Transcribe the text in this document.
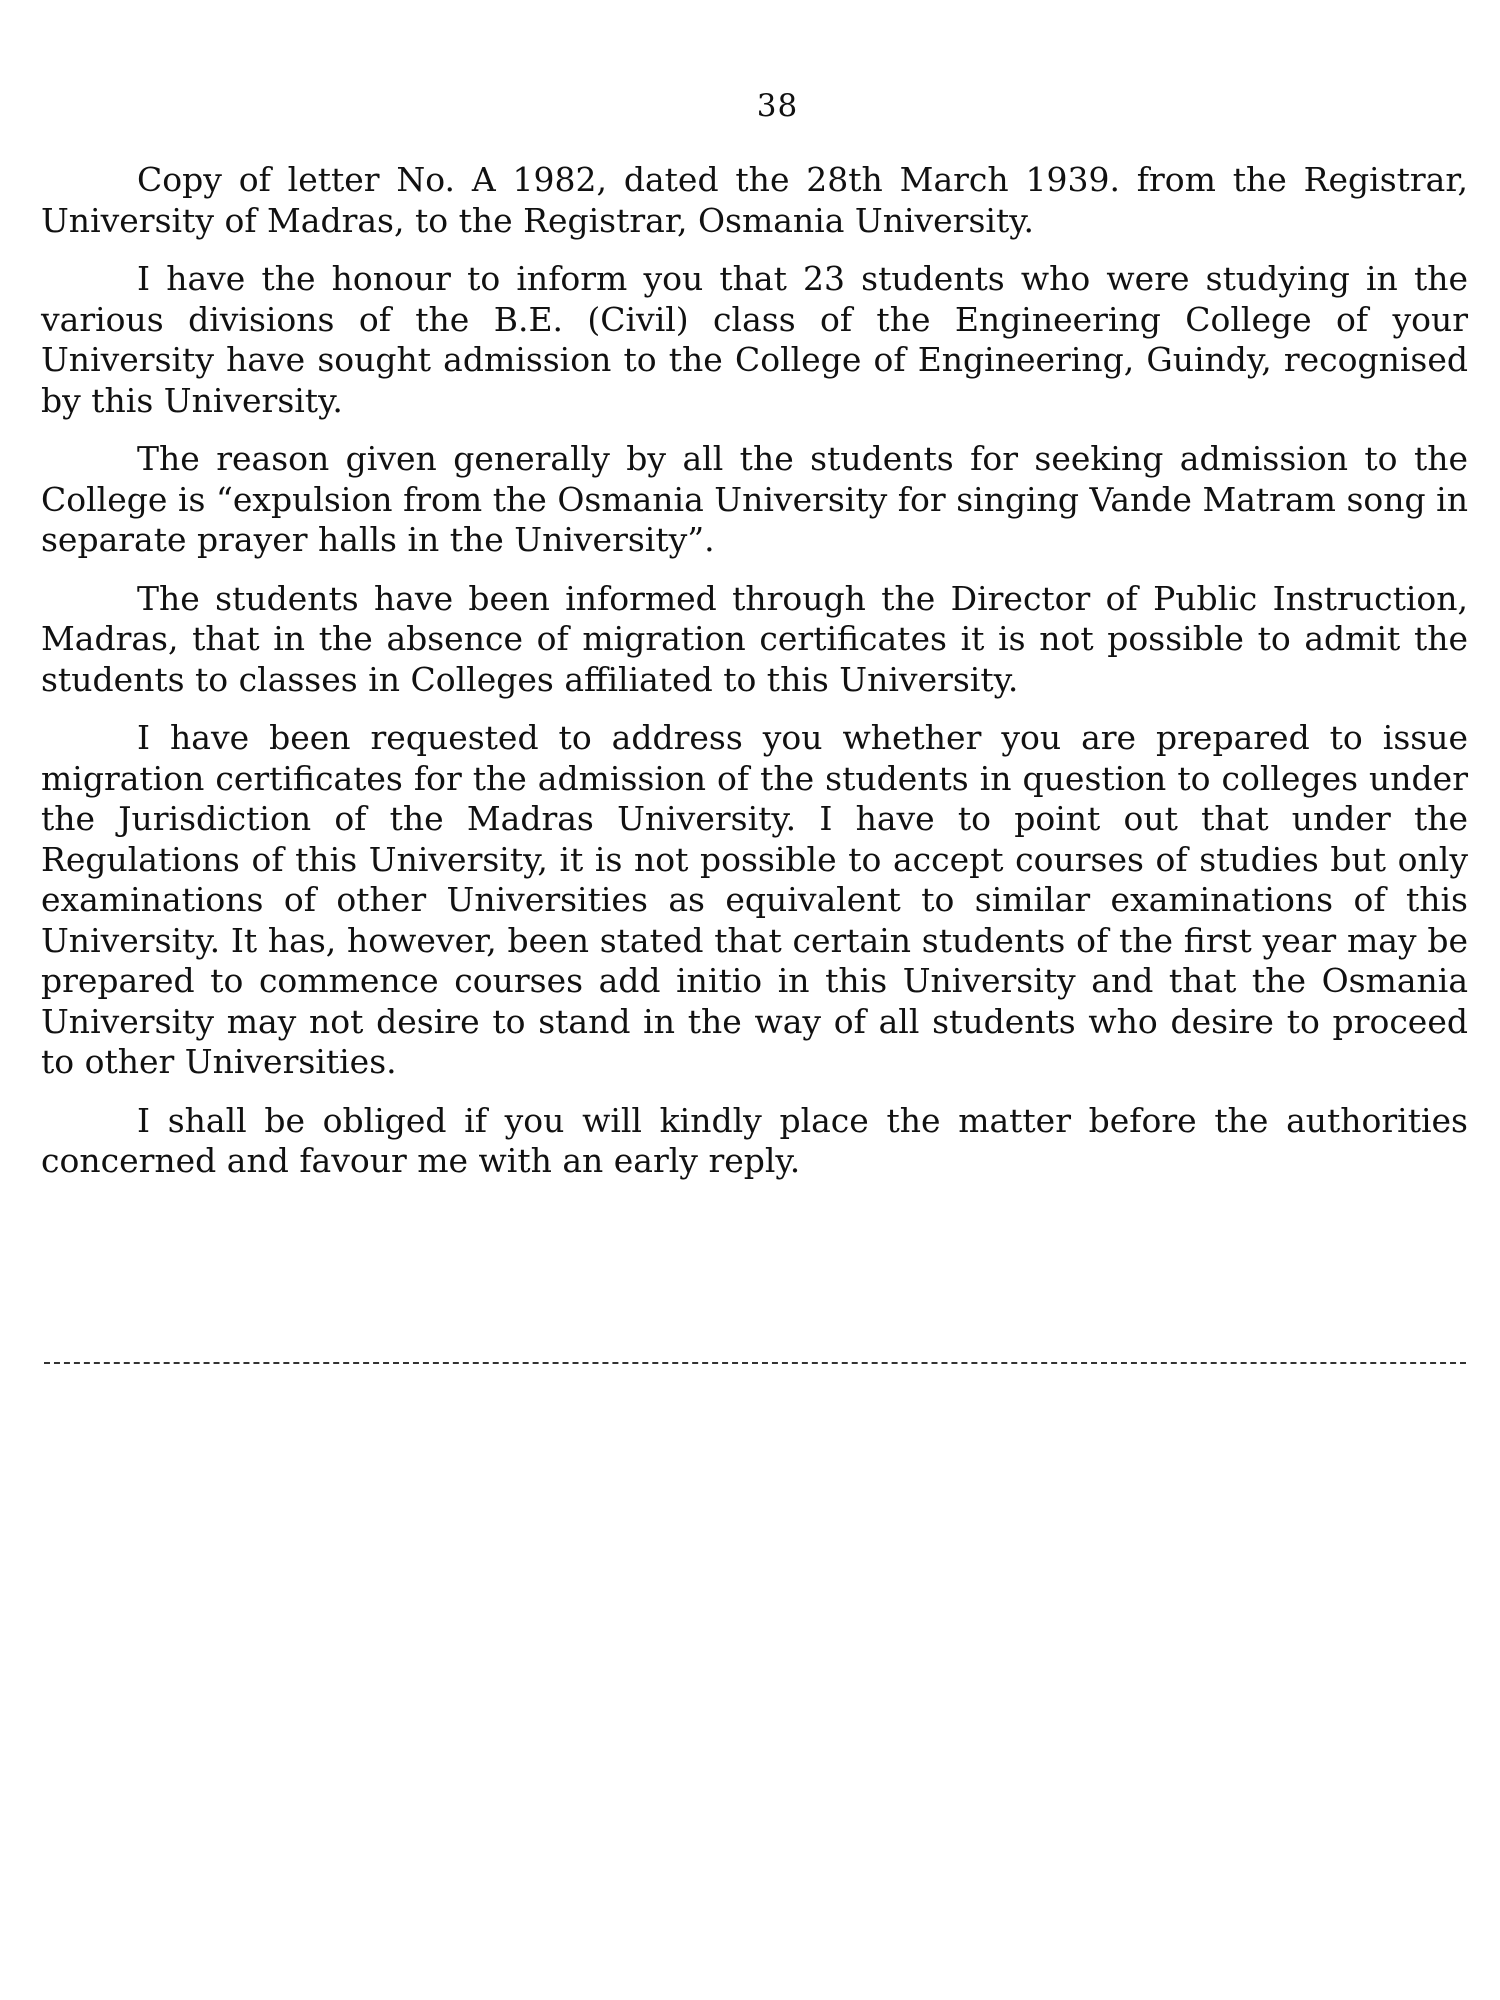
38

Copy of letter No. A 1982, dated the 28th March 1939. from the Registrar, University of Madras, to the Registrar, Osmania University.

I have the honour to inform you that 23 students who were studying in the various divisions of the B.E. (Civil) class of the Engineering College of your University have sought admission to the College of Engineering, Guindy, recognised by this University.

The reason given generally by all the students for seeking admission to the College is “expulsion from the Osmania University for singing Vande Matram song in separate prayer halls in the University”.

The students have been informed through the Director of Public Instruction, Madras, that in the absence of migration certificates it is not possible to admit the students to classes in Colleges affiliated to this University.

I have been requested to address you whether you are prepared to issue migration certificates for the admission of the students in question to colleges under the Jurisdiction of the Madras University. I have to point out that under the Regulations of this University, it is not possible to accept courses of studies but only examinations of other Universities as equivalent to similar examinations of this University. It has, however, been stated that certain students of the first year may be prepared to commence courses add initio in this University and that the Osmania University may not desire to stand in the way of all students who desire to proceed to other Universities.

I shall be obliged if you will kindly place the matter before the authorities concerned and favour me with an early reply.
